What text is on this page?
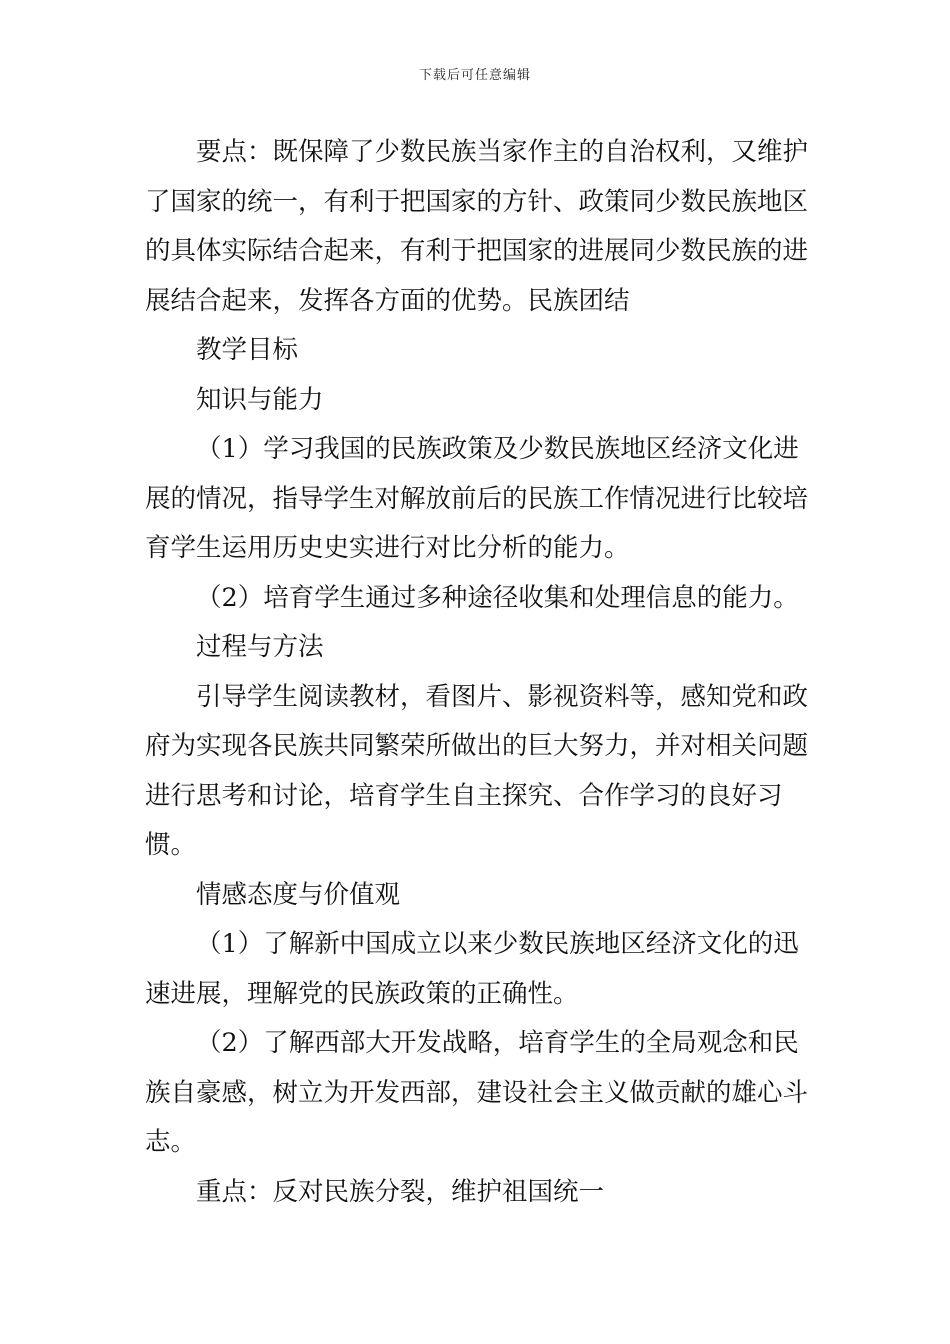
下载后可任意编辑

要点：既保障了少数民族当家作主的自治权利，又维护了国家的统一，有利于把国家的方针、政策同少数民族地区的具体实际结合起来，有利于把国家的进展同少数民族的进展结合起来，发挥各方面的优势。民族团结

教学目标

知识与能力

（1）学习我国的民族政策及少数民族地区经济文化进展的情况，指导学生对解放前后的民族工作情况进行比较培育学生运用历史史实进行对比分析的能力。

（2）培育学生通过多种途径收集和处理信息的能力。

过程与方法

引导学生阅读教材，看图片、影视资料等，感知党和政府为实现各民族共同繁荣所做出的巨大努力，并对相关问题进行思考和讨论，培育学生自主探究、合作学习的良好习惯。

情感态度与价值观

（1）了解新中国成立以来少数民族地区经济文化的迅速进展，理解党的民族政策的正确性。

（2）了解西部大开发战略，培育学生的全局观念和民族自豪感，树立为开发西部，建设社会主义做贡献的雄心斗志。

重点：反对民族分裂，维护祖国统一
